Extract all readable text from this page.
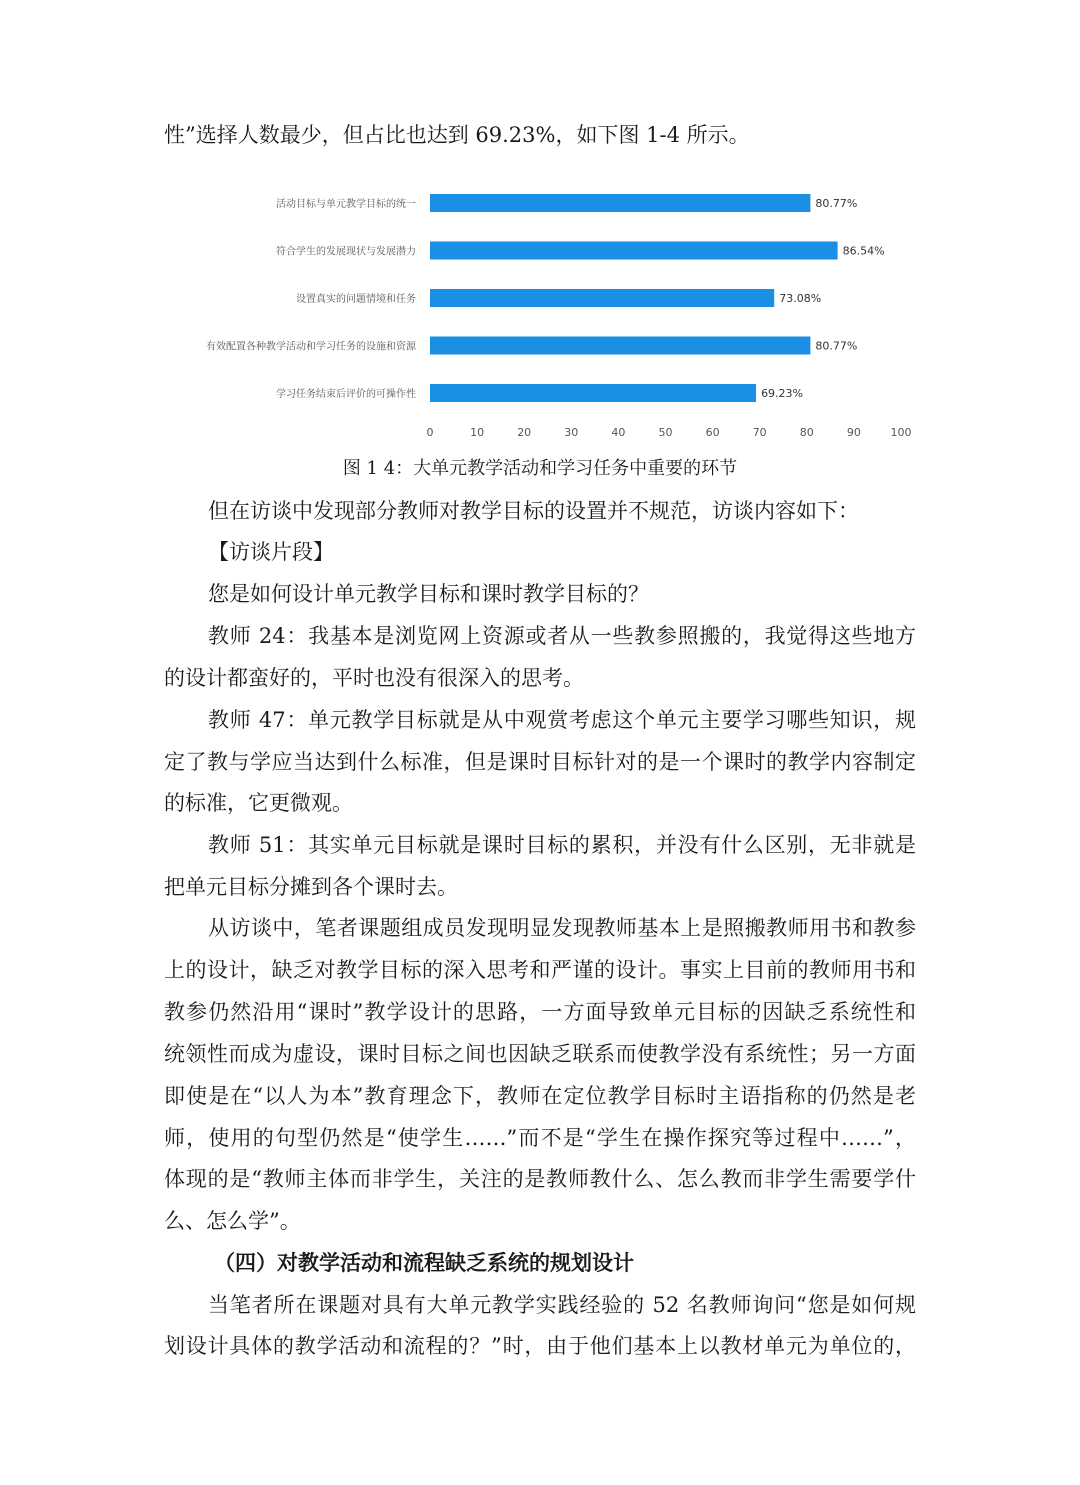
性”选择人数最少，但占比也达到 69.23%，如下图 1-4 所示。
活动目标与单元教学目标的统一	80.77%
符合学生的发展现状与发展潜力	86.54%
设置真实的问题情境和任务	73.08%
有效配置各种教学活动和学习任务的设施和资源	80.77%
学习任务结束后评价的可操作性	69.23%
0	10	20	30	40	50	60	70	80	90	100
图 1 4：大单元教学活动和学习任务中重要的环节
但在访谈中发现部分教师对教学目标的设置并不规范，访谈内容如下：
【访谈片段】
您是如何设计单元教学目标和课时教学目标的？
教师 24：我基本是浏览网上资源或者从一些教参照搬的，我觉得这些地方
的设计都蛮好的，平时也没有很深入的思考。
教师 47：单元教学目标就是从中观赏考虑这个单元主要学习哪些知识，规
定了教与学应当达到什么标准，但是课时目标针对的是一个课时的教学内容制定
的标准，它更微观。
教师 51：其实单元目标就是课时目标的累积，并没有什么区别，无非就是
把单元目标分摊到各个课时去。
从访谈中，笔者课题组成员发现明显发现教师基本上是照搬教师用书和教参
上的设计，缺乏对教学目标的深入思考和严谨的设计。事实上目前的教师用书和
教参仍然沿用“课时”教学设计的思路，一方面导致单元目标的因缺乏系统性和
统领性而成为虚设，课时目标之间也因缺乏联系而使教学没有系统性；另一方面
即使是在“以人为本”教育理念下，教师在定位教学目标时主语指称的仍然是老
师，使用的句型仍然是“使学生……”而不是“学生在操作探究等过程中……”，
体现的是“教师主体而非学生，关注的是教师教什么、怎么教而非学生需要学什
么、怎么学”。
（四）对教学活动和流程缺乏系统的规划设计
当笔者所在课题对具有大单元教学实践经验的 52 名教师询问“您是如何规
划设计具体的教学活动和流程的？”时，由于他们基本上以教材单元为单位的，
